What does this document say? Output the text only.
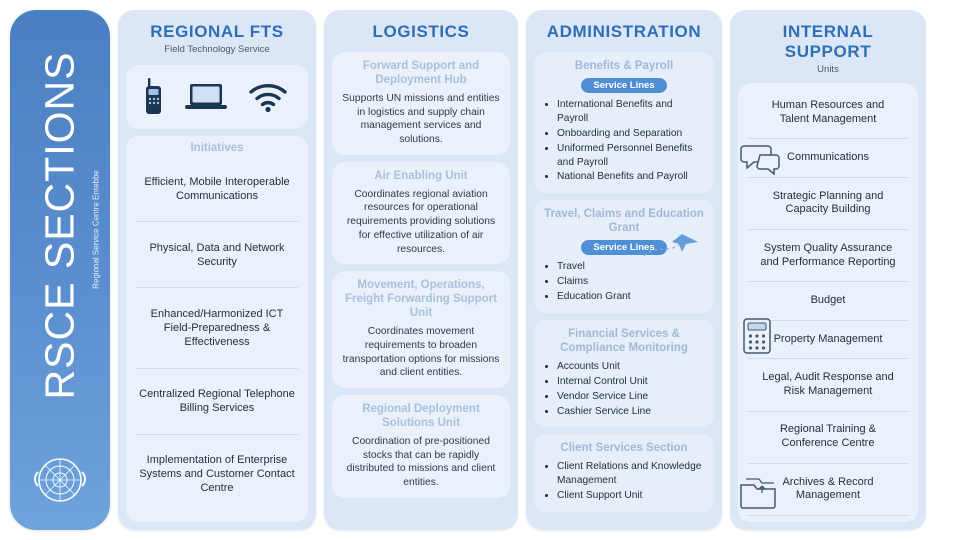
RSCE SECTIONS Regional Service Centre Entebbe
REGIONAL FTS
Field Technology Service
Initiatives
Efficient, Mobile Interoperable Communications
Physical, Data and Network Security
Enhanced/Harmonized ICT Field-Preparedness & Effectiveness
Centralized Regional Telephone Billing Services
Implementation of Enterprise Systems and Customer Contact Centre
LOGISTICS
Forward Support and Deployment Hub
Supports UN missions and entities in logistics and supply chain management services and solutions.
Air Enabling Unit
Coordinates regional aviation resources for operational requirements providing solutions for effective utilization of air resources.
Movement, Operations, Freight Forwarding Support Unit
Coordinates movement requirements to broaden transportation options for missions and client entities.
Regional Deployment Solutions Unit
Coordination of pre-positioned stocks that can be rapidly distributed to missions and client entities.
ADMINISTRATION
Benefits & Payroll
Service Lines
• International Benefits and Payroll
• Onboarding and Separation
• Uniformed Personnel Benefits and Payroll
• National Benefits and Payroll
Travel, Claims and Education Grant
Service Lines
• Travel
• Claims
• Education Grant
Financial Services & Compliance Monitoring
• Accounts Unit
• Internal Control Unit
• Vendor Service Line
• Cashier Service Line
Client Services Section
• Client Relations and Knowledge Management
• Client Support Unit
INTERNAL SUPPORT
Units
Human Resources and Talent Management
Communications
Strategic Planning and Capacity Building
System Quality Assurance and Performance Reporting
Budget
Property Management
Legal, Audit Response and Risk Management
Regional Training & Conference Centre
Archives & Record Management
